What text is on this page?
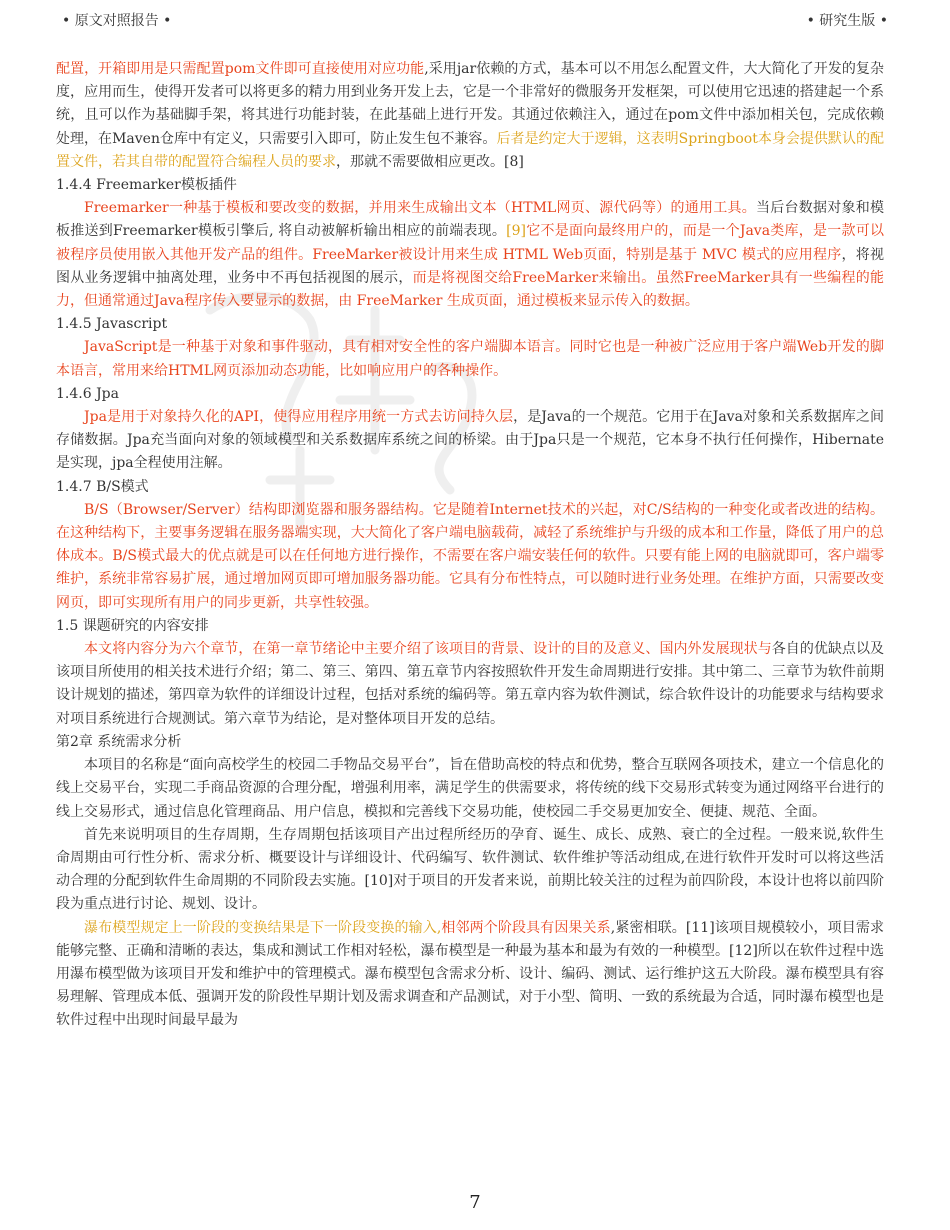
• 原文对照报告 •	• 研究生版 •

配置，开箱即用是只需配置pom文件即可直接使用对应功能,采用jar依赖的方式，基本可以不用怎么配置文件，大大简化了开发的复杂度，应用而生，使得开发者可以将更多的精力用到业务开发上去，它是一个非常好的微服务开发框架，可以使用它迅速的搭建起一个系统，且可以作为基础脚手架，将其进行功能封装，在此基础上进行开发。其通过依赖注入，通过在pom文件中添加相关包，完成依赖处理，在Maven仓库中有定义，只需要引入即可，防止发生包不兼容。后者是约定大于逻辑，这表明Springboot本身会提供默认的配置文件，若其自带的配置符合编程人员的要求，那就不需要做相应更改。[8]

1.4.4 Freemarker模板插件

Freemarker一种基于模板和要改变的数据，并用来生成输出文本（HTML网页、源代码等）的通用工具。当后台数据对象和模板推送到Freemarker模板引擎后, 将自动被解析输出相应的前端表现。[9]它不是面向最终用户的，而是一个Java类库，是一款可以被程序员使用嵌入其他开发产品的组件。FreeMarker被设计用来生成 HTML Web页面，特别是基于 MVC 模式的应用程序，将视图从业务逻辑中抽离处理，业务中不再包括视图的展示，而是将视图交给FreeMarker来输出。虽然FreeMarker具有一些编程的能力，但通常通过Java程序传入要显示的数据，由 FreeMarker 生成页面，通过模板来显示传入的数据。

1.4.5 Javascript

JavaScript是一种基于对象和事件驱动，具有相对安全性的客户端脚本语言。同时它也是一种被广泛应用于客户端Web开发的脚本语言，常用来给HTML网页添加动态功能，比如响应用户的各种操作。

1.4.6 Jpa

Jpa是用于对象持久化的API，使得应用程序用统一方式去访问持久层，是Java的一个规范。它用于在Java对象和关系数据库之间存储数据。Jpa充当面向对象的领域模型和关系数据库系统之间的桥梁。由于Jpa只是一个规范，它本身不执行任何操作，Hibernate是实现，jpa全程使用注解。

1.4.7 B/S模式

B/S（Browser/Server）结构即浏览器和服务器结构。它是随着Internet技术的兴起，对C/S结构的一种变化或者改进的结构。在这种结构下，主要事务逻辑在服务器端实现，大大简化了客户端电脑载荷，减轻了系统维护与升级的成本和工作量，降低了用户的总体成本。B/S模式最大的优点就是可以在任何地方进行操作，不需要在客户端安装任何的软件。只要有能上网的电脑就即可，客户端零维护，系统非常容易扩展，通过增加网页即可增加服务器功能。它具有分布性特点，可以随时进行业务处理。在维护方面，只需要改变网页，即可实现所有用户的同步更新，共享性较强。

1.5 课题研究的内容安排

本文将内容分为六个章节，在第一章节绪论中主要介绍了该项目的背景、设计的目的及意义、国内外发展现状与各自的优缺点以及该项目所使用的相关技术进行介绍；第二、第三、第四、第五章节内容按照软件开发生命周期进行安排。其中第二、三章节为软件前期设计规划的描述，第四章为软件的详细设计过程，包括对系统的编码等。第五章内容为软件测试，综合软件设计的功能要求与结构要求对项目系统进行合规测试。第六章节为结论，是对整体项目开发的总结。

第2章 系统需求分析

本项目的名称是“面向高校学生的校园二手物品交易平台”，旨在借助高校的特点和优势，整合互联网各项技术，建立一个信息化的线上交易平台，实现二手商品资源的合理分配，增强利用率，满足学生的供需要求，将传统的线下交易形式转变为通过网络平台进行的线上交易形式，通过信息化管理商品、用户信息，模拟和完善线下交易功能，使校园二手交易更加安全、便捷、规范、全面。

首先来说明项目的生存周期，生存周期包括该项目产出过程所经历的孕育、诞生、成长、成熟、衰亡的全过程。一般来说,软件生命周期由可行性分析、需求分析、概要设计与详细设计、代码编写、软件测试、软件维护等活动组成,在进行软件开发时可以将这些活动合理的分配到软件生命周期的不同阶段去实施。[10]对于项目的开发者来说，前期比较关注的过程为前四阶段，本设计也将以前四阶段为重点进行讨论、规划、设计。

瀑布模型规定上一阶段的变换结果是下一阶段变换的输入,相邻两个阶段具有因果关系,紧密相联。[11]该项目规模较小，项目需求能够完整、正确和清晰的表达，集成和测试工作相对轻松，瀑布模型是一种最为基本和最为有效的一种模型。[12]所以在软件过程中选用瀑布模型做为该项目开发和维护中的管理模式。瀑布模型包含需求分析、设计、编码、测试、运行维护这五大阶段。瀑布模型具有容易理解、管理成本低、强调开发的阶段性早期计划及需求调查和产品测试，对于小型、简明、一致的系统最为合适，同时瀑布模型也是软件过程中出现时间最早最为

7
